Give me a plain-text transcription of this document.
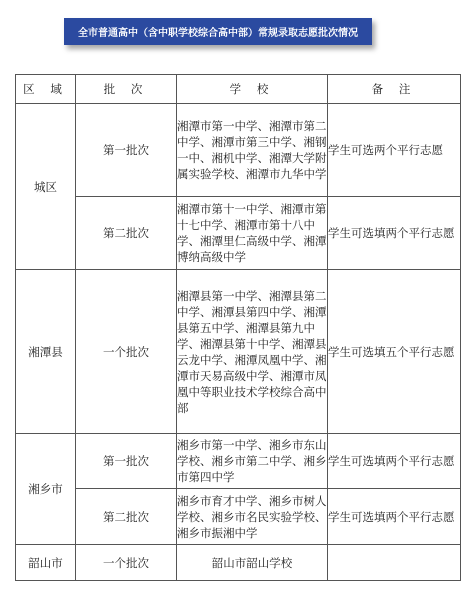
全市普通高中（含中职学校综合高中部）常规录取志愿批次情况
区 域	批 次	学 校	备 注
城区	第一批次	湘潭市第一中学、湘潭市第二中学、湘潭市第三中学、湘钢一中、湘机中学、湘潭大学附属实验学校、湘潭市九华中学	学生可选两个平行志愿
	第二批次	湘潭市第十一中学、湘潭市第十七中学、湘潭市第十八中学、湘潭里仁高级中学、湘潭博纳高级中学	学生可选填两个平行志愿
湘潭县	一个批次	湘潭县第一中学、湘潭县第二中学、湘潭县第四中学、湘潭县第五中学、湘潭县第九中学、湘潭县第十中学、湘潭县云龙中学、湘潭凤凰中学、湘潭市天易高级中学、湘潭市凤凰中等职业技术学校综合高中部	学生可选填五个平行志愿
湘乡市	第一批次	湘乡市第一中学、湘乡市东山学校、湘乡市第二中学、湘乡市第四中学	学生可选填两个平行志愿
	第二批次	湘乡市育才中学、湘乡市树人学校、湘乡市名民实验学校、湘乡市振湘中学	学生可选填两个平行志愿
韶山市	一个批次	韶山市韶山学校	
